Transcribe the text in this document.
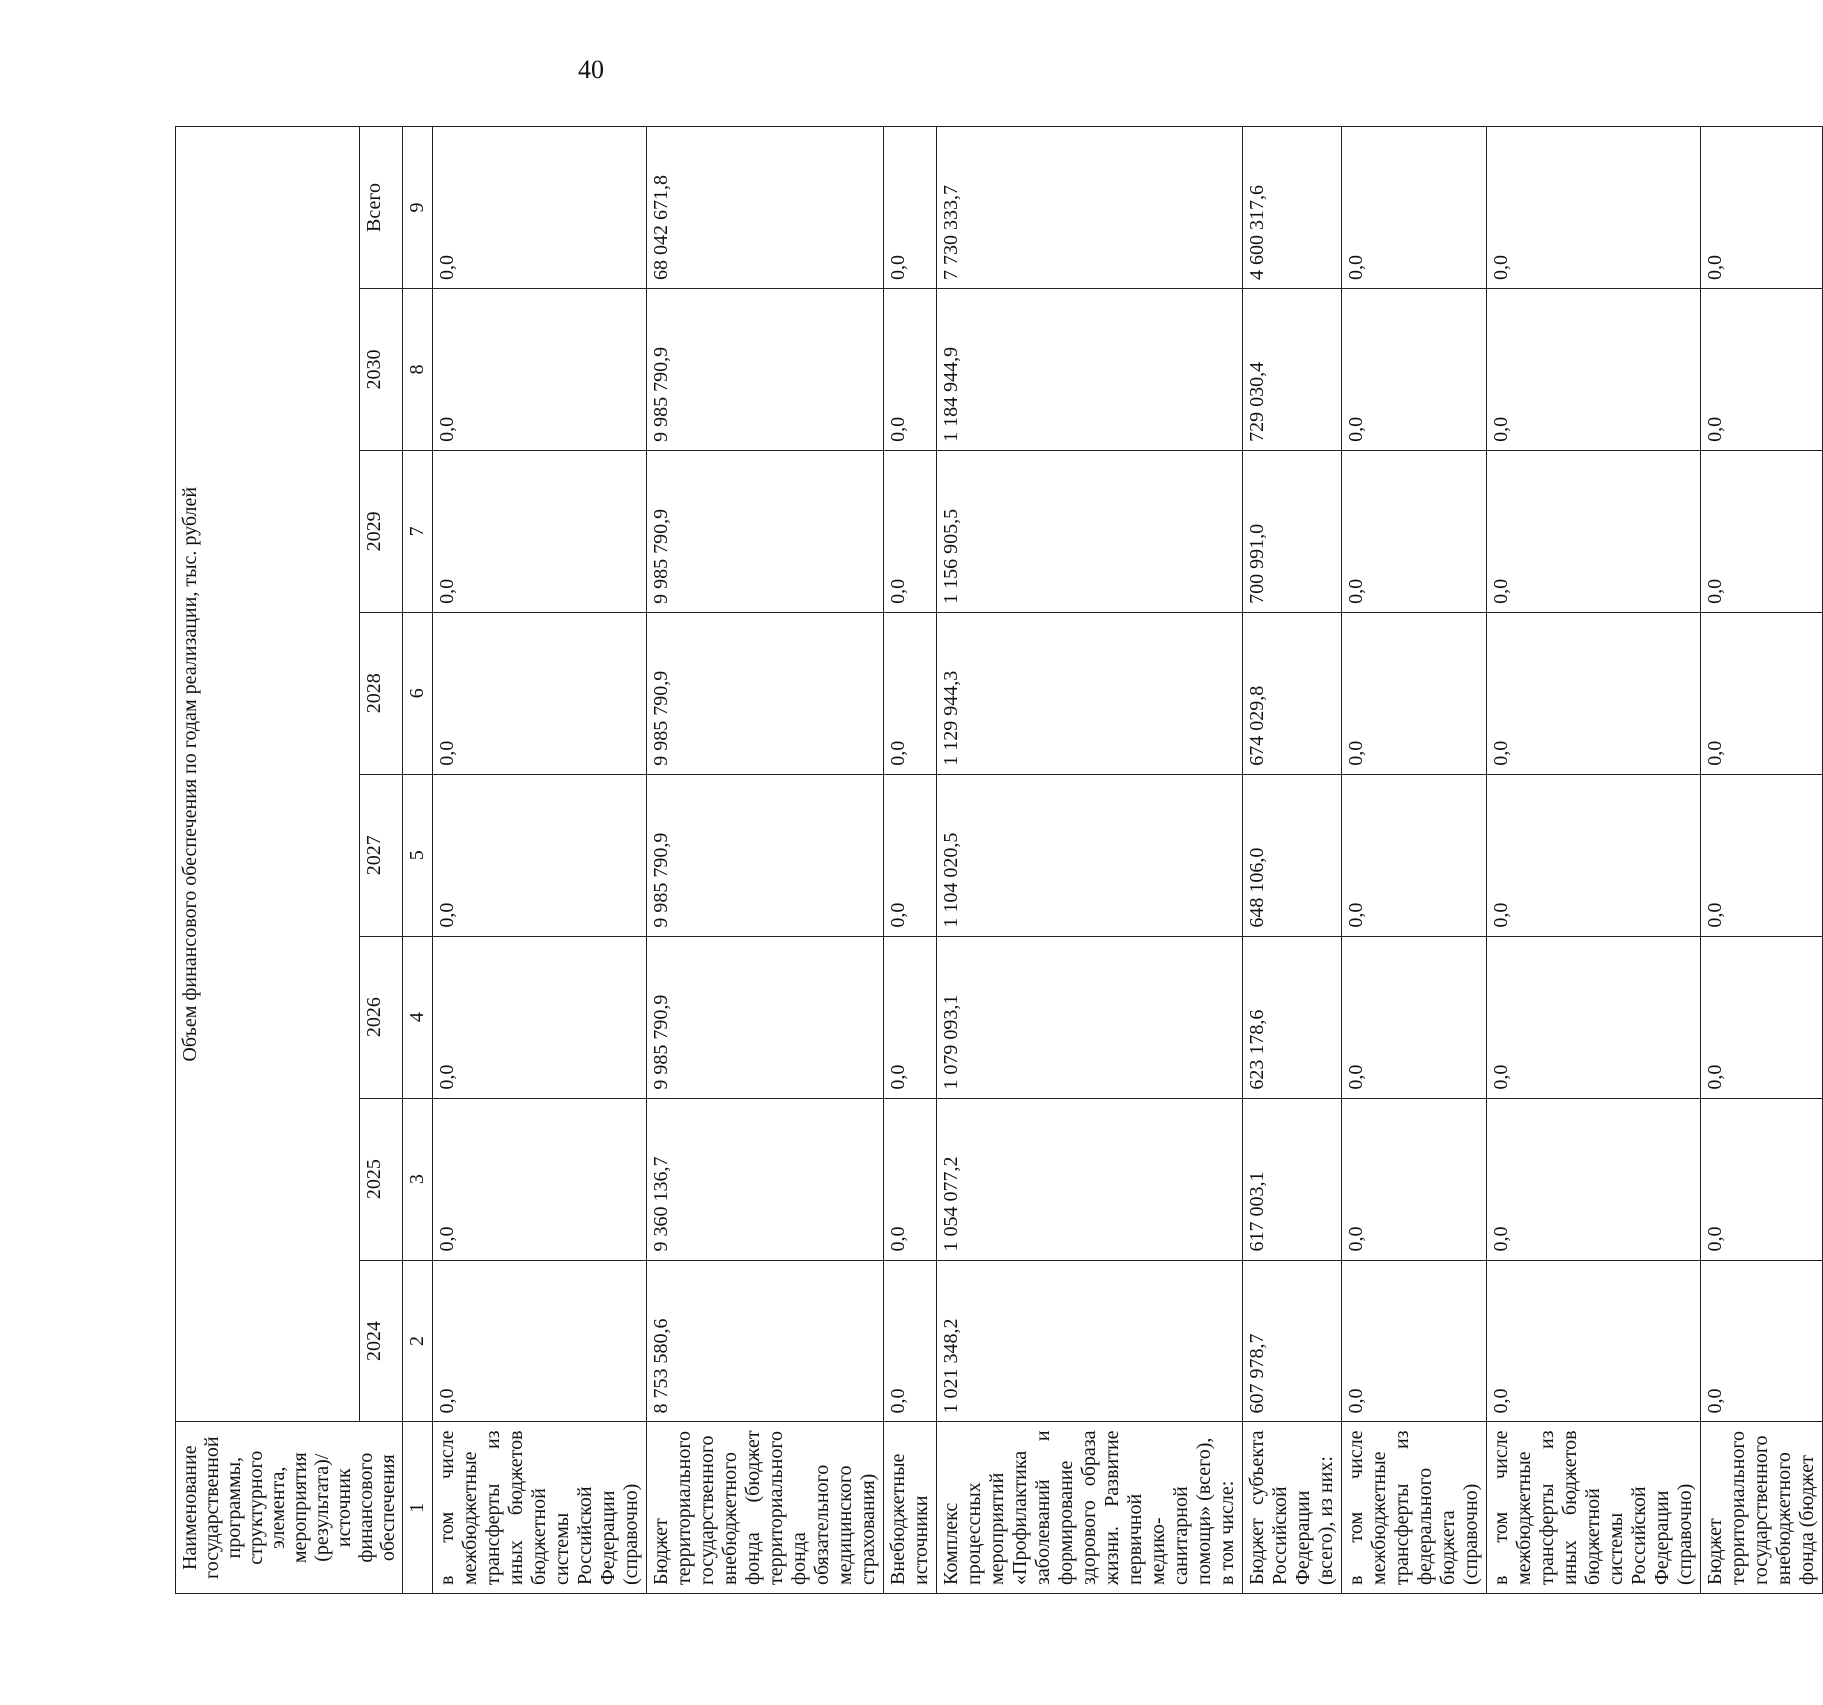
40
Наименование государственной программы, структурного элемента, мероприятия (результата)/источник финансового обеспечения	Объем финансового обеспечения по годам реализации, тыс. рублей							
	2024	2025	2026	2027	2028	2029	2030	Всего
1	2	3	4	5	6	7	8	9
в том числе межбюджетные трансферты из иных бюджетов бюджетной системы Российской Федерации (справочно)	0,0	0,0	0,0	0,0	0,0	0,0	0,0	0,0
Бюджет территориального государственного внебюджетного фонда (бюджет территориального фонда обязательного медицинского страхования)	8 753 580,6	9 360 136,7	9 985 790,9	9 985 790,9	9 985 790,9	9 985 790,9	9 985 790,9	68 042 671,8
Внебюджетные источники	0,0	0,0	0,0	0,0	0,0	0,0	0,0	0,0

Комплекс процессных мероприятий «Профилактика заболеваний и формирование здорового образа жизни. Развитие первичной медико-санитарной помощи» (всего), в том числе:	1 021 348,2	1 054 077,2	1 079 093,1	1 104 020,5	1 129 944,3	1 156 905,5	1 184 944,9	7 730 333,7
Бюджет субъекта Российской Федерации (всего), из них:	607 978,7	617 003,1	623 178,6	648 106,0	674 029,8	700 991,0	729 030,4	4 600 317,6
в том числе межбюджетные трансферты из федерального бюджета (справочно)	0,0	0,0	0,0	0,0	0,0	0,0	0,0	0,0
в том числе межбюджетные трансферты из иных бюджетов бюджетной системы Российской Федерации (справочно)	0,0	0,0	0,0	0,0	0,0	0,0	0,0	0,0
Бюджет территориального государственного внебюджетного фонда (бюджет	0,0	0,0	0,0	0,0	0,0	0,0	0,0	0,0
